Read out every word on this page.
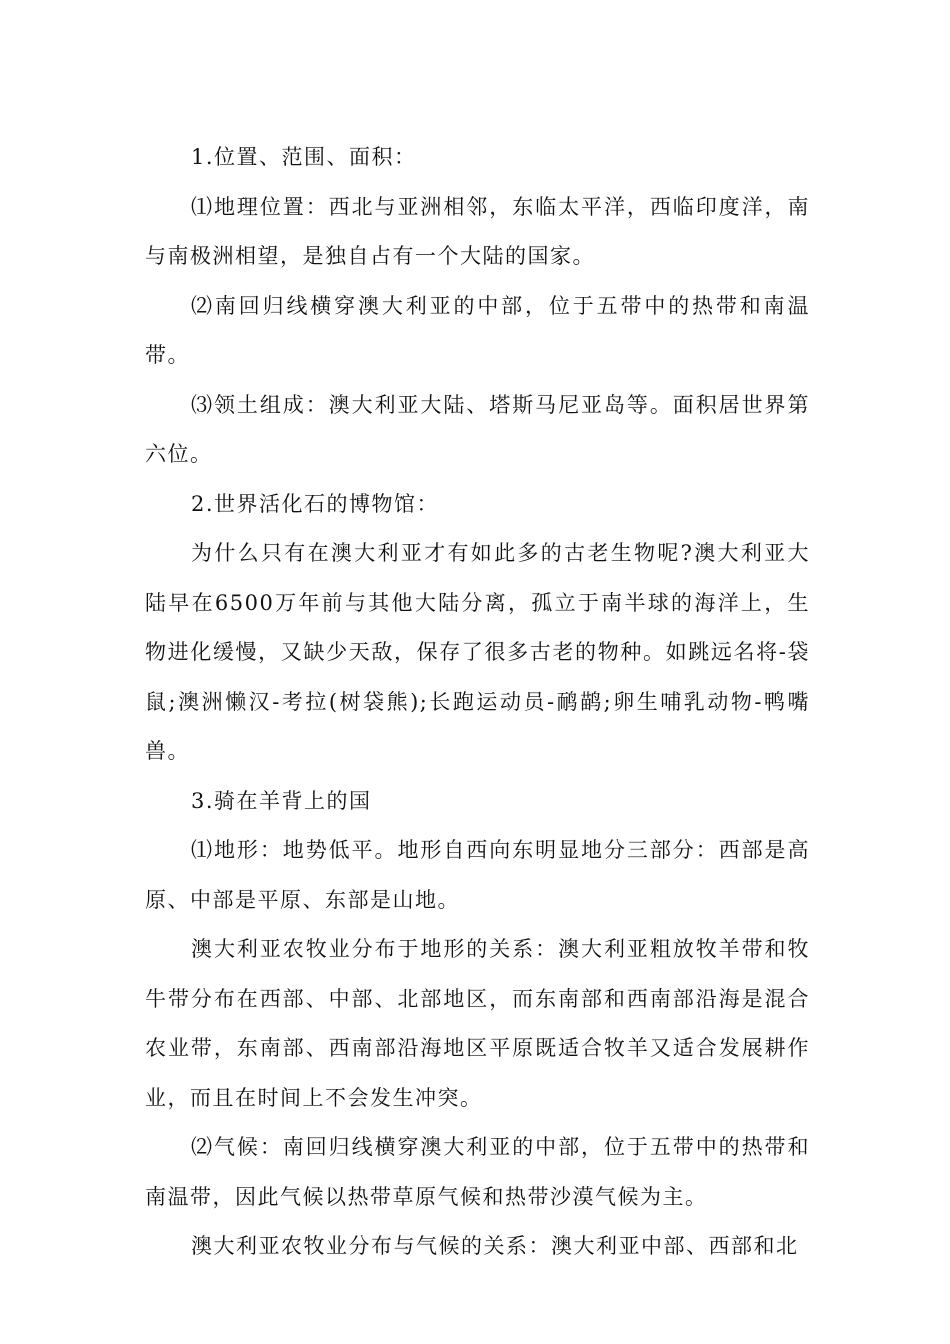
1.位置、范围、面积：

⑴地理位置：西北与亚洲相邻，东临太平洋，西临印度洋，南与南极洲相望，是独自占有一个大陆的国家。

⑵南回归线横穿澳大利亚的中部，位于五带中的热带和南温带。

⑶领土组成：澳大利亚大陆、塔斯马尼亚岛等。面积居世界第六位。

2.世界活化石的博物馆：

为什么只有在澳大利亚才有如此多的古老生物呢?澳大利亚大陆早在6500万年前与其他大陆分离，孤立于南半球的海洋上，生物进化缓慢，又缺少天敌，保存了很多古老的物种。如跳远名将-袋鼠;澳洲懒汉-考拉(树袋熊);长跑运动员-鸸鹋;卵生哺乳动物-鸭嘴兽。

3.骑在羊背上的国

⑴地形：地势低平。地形自西向东明显地分三部分：西部是高原、中部是平原、东部是山地。

澳大利亚农牧业分布于地形的关系：澳大利亚粗放牧羊带和牧牛带分布在西部、中部、北部地区，而东南部和西南部沿海是混合农业带，东南部、西南部沿海地区平原既适合牧羊又适合发展耕作业，而且在时间上不会发生冲突。

⑵气候：南回归线横穿澳大利亚的中部，位于五带中的热带和南温带，因此气候以热带草原气候和热带沙漠气候为主。

澳大利亚农牧业分布与气候的关系：澳大利亚中部、西部和北
